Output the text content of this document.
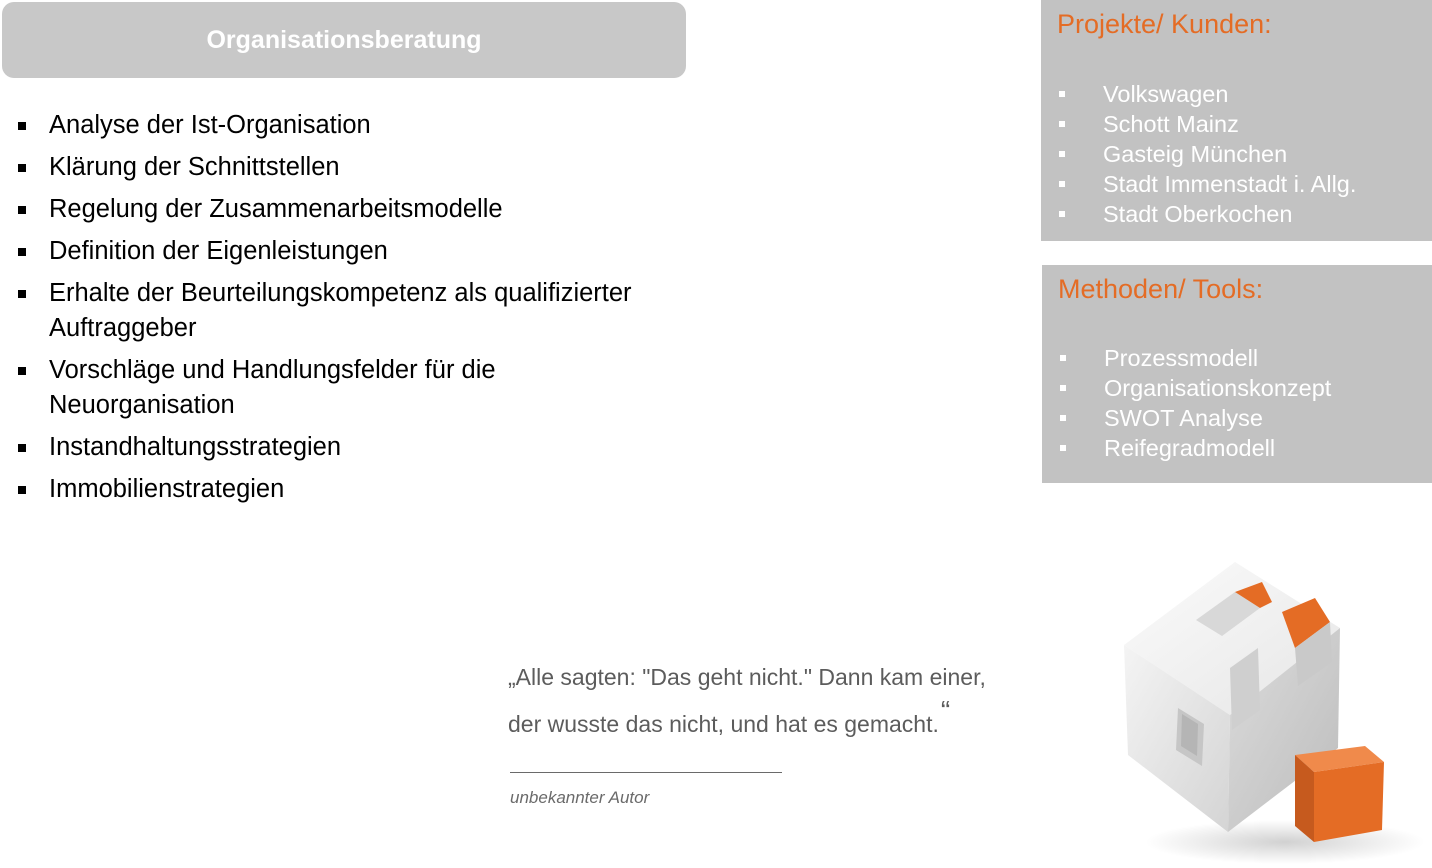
Organisationsberatung
Analyse der Ist-Organisation
Klärung der Schnittstellen
Regelung der Zusammenarbeitsmodelle
Definition der Eigenleistungen
Erhalte der Beurteilungskompetenz als qualifizierter Auftraggeber
Vorschläge und Handlungsfelder für die Neuorganisation
Instandhaltungsstrategien
Immobilienstrategien
Projekte/ Kunden:
Volkswagen
Schott Mainz
Gasteig München
Stadt Immenstadt i. Allg.
Stadt Oberkochen
Methoden/ Tools:
Prozessmodell
Organisationskonzept
SWOT Analyse
Reifegradmodell
„Alle sagten: "Das geht nicht." Dann kam einer,
der wusste das nicht, und hat es gemacht.“
unbekannter Autor
